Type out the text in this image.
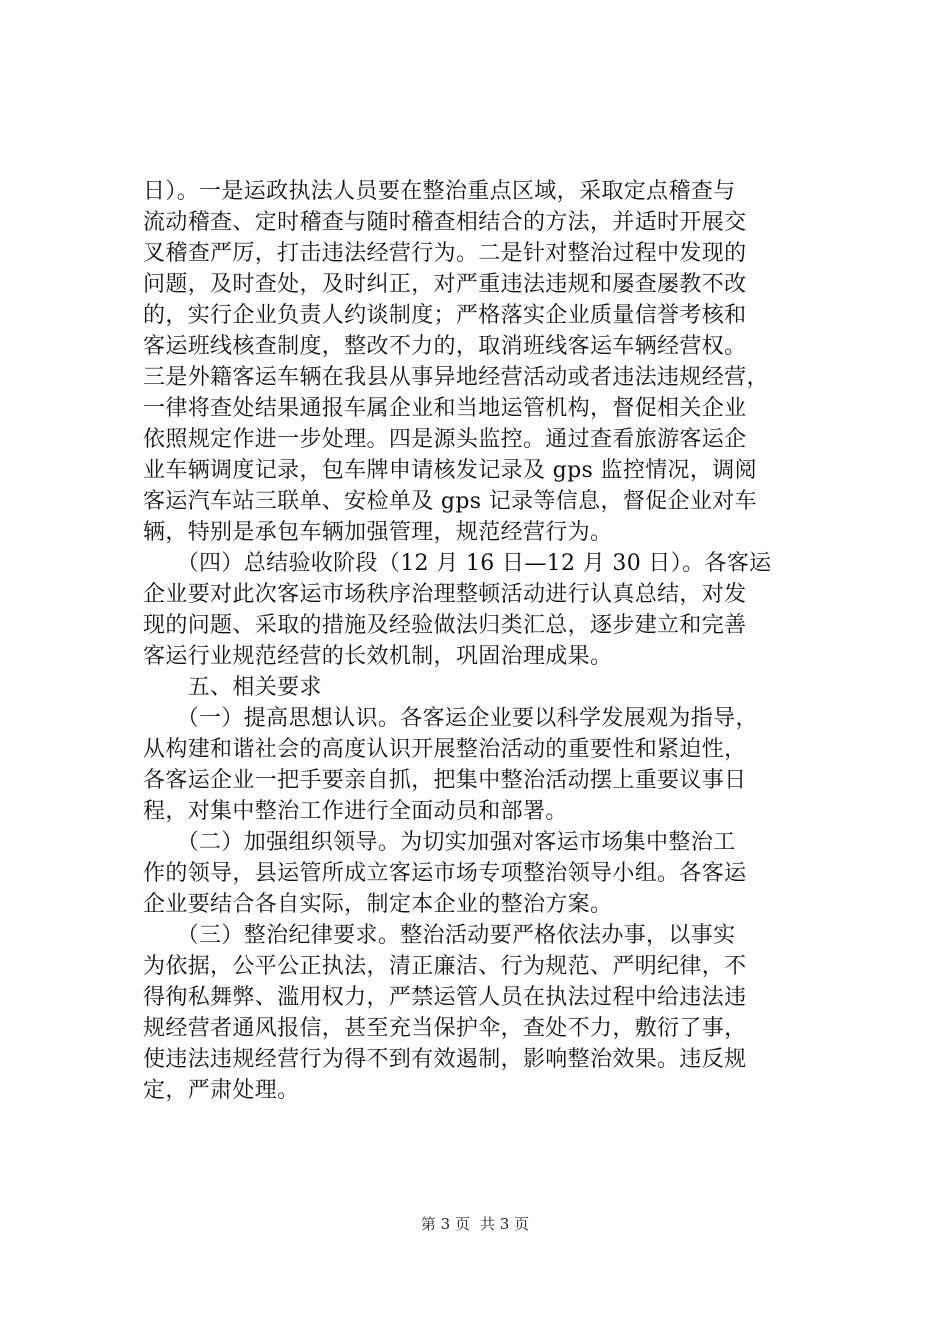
日）。一是运政执法人员要在整治重点区域，采取定点稽查与
流动稽查、定时稽查与随时稽查相结合的方法，并适时开展交
叉稽查严厉，打击违法经营行为。二是针对整治过程中发现的
问题，及时查处，及时纠正，对严重违法违规和屡查屡教不改
的，实行企业负责人约谈制度；严格落实企业质量信誉考核和
客运班线核查制度，整改不力的，取消班线客运车辆经营权。
三是外籍客运车辆在我县从事异地经营活动或者违法违规经营，
一律将查处结果通报车属企业和当地运管机构，督促相关企业
依照规定作进一步处理。四是源头监控。通过查看旅游客运企
业车辆调度记录，包车牌申请核发记录及 gps 监控情况，调阅
客运汽车站三联单、安检单及 gps 记录等信息，督促企业对车
辆，特别是承包车辆加强管理，规范经营行为。
　　（四）总结验收阶段（12 月 16 日—12 月 30 日）。各客运
企业要对此次客运市场秩序治理整顿活动进行认真总结，对发
现的问题、采取的措施及经验做法归类汇总，逐步建立和完善
客运行业规范经营的长效机制，巩固治理成果。
　　五、相关要求
　　（一）提高思想认识。各客运企业要以科学发展观为指导，
从构建和谐社会的高度认识开展整治活动的重要性和紧迫性，
各客运企业一把手要亲自抓，把集中整治活动摆上重要议事日
程，对集中整治工作进行全面动员和部署。
　　（二）加强组织领导。为切实加强对客运市场集中整治工
作的领导，县运管所成立客运市场专项整治领导小组。各客运
企业要结合各自实际，制定本企业的整治方案。
　　（三）整治纪律要求。整治活动要严格依法办事，以事实
为依据，公平公正执法，清正廉洁、行为规范、严明纪律，不
得徇私舞弊、滥用权力，严禁运管人员在执法过程中给违法违
规经营者通风报信，甚至充当保护伞，查处不力，敷衍了事，
使违法违规经营行为得不到有效遏制，影响整治效果。违反规
定，严肃处理。
第 3 页 共 3 页
